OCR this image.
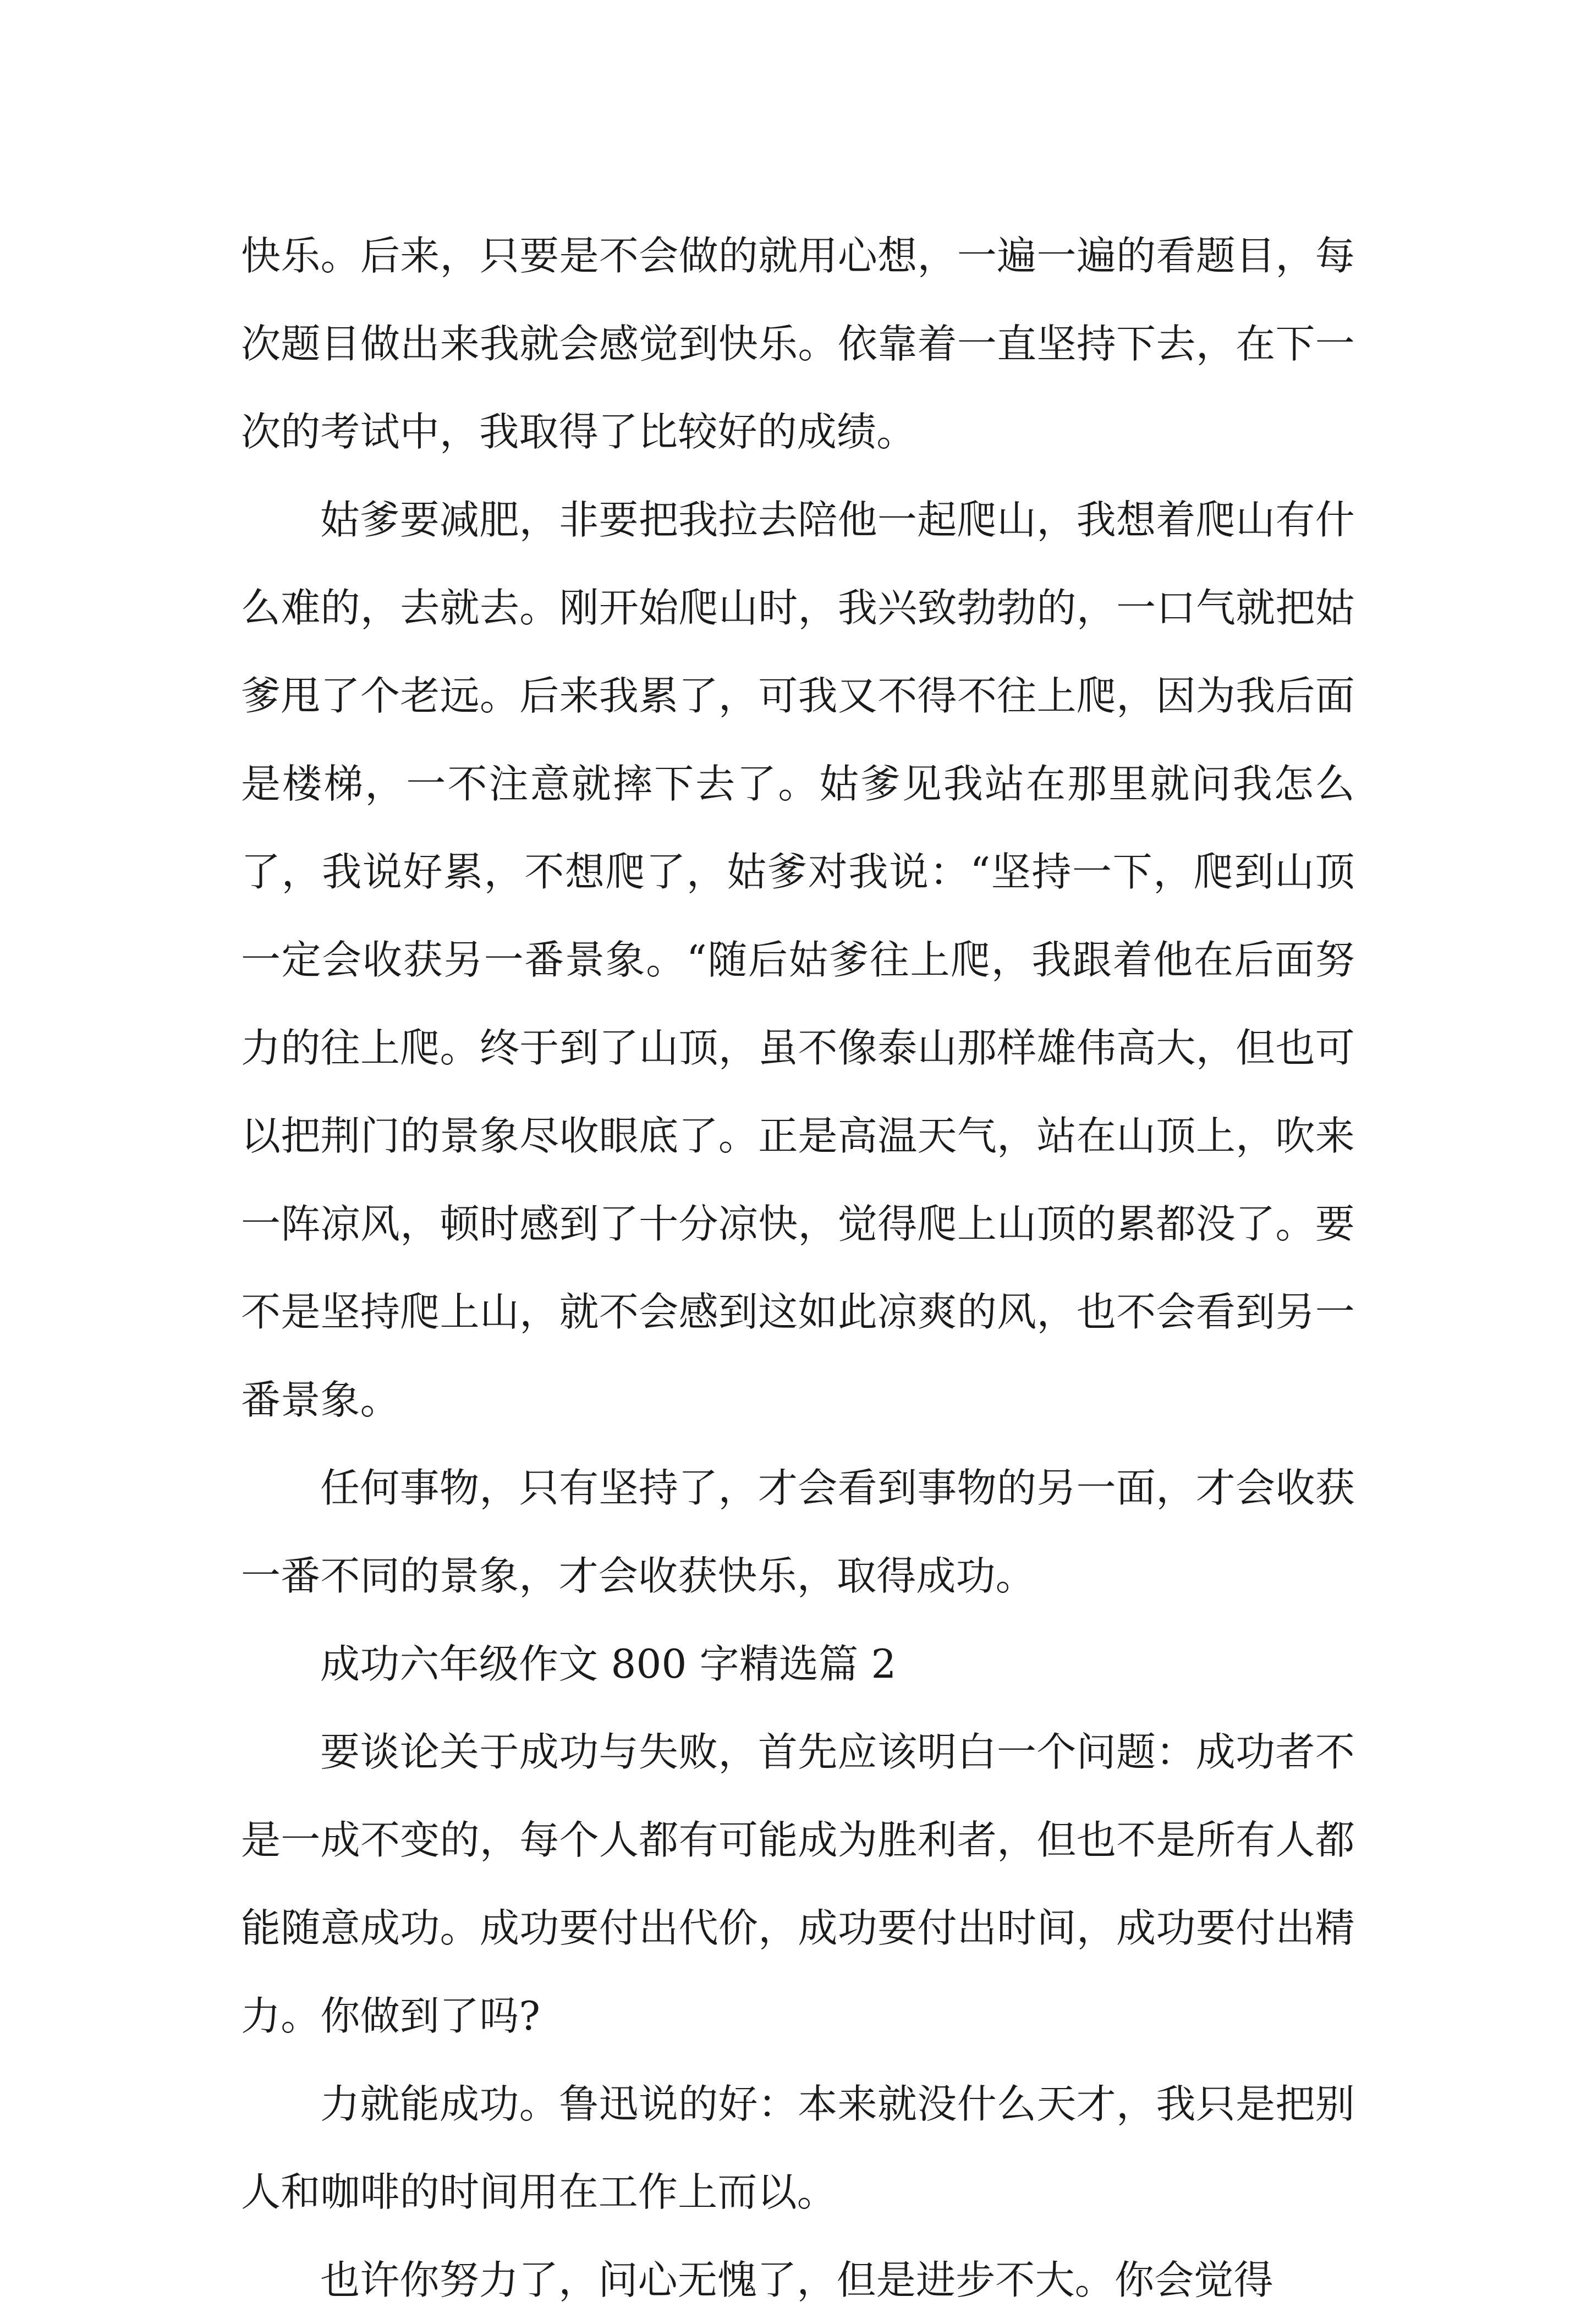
快乐。后来，只要是不会做的就用心想，一遍一遍的看题目，每次题目做出来我就会感觉到快乐。依靠着一直坚持下去，在下一次的考试中，我取得了比较好的成绩。

姑爹要减肥，非要把我拉去陪他一起爬山，我想着爬山有什么难的，去就去。刚开始爬山时，我兴致勃勃的，一口气就把姑爹甩了个老远。后来我累了，可我又不得不往上爬，因为我后面是楼梯，一不注意就摔下去了。姑爹见我站在那里就问我怎么了，我说好累，不想爬了，姑爹对我说：“坚持一下，爬到山顶一定会收获另一番景象。“随后姑爹往上爬，我跟着他在后面努力的往上爬。终于到了山顶，虽不像泰山那样雄伟高大，但也可以把荆门的景象尽收眼底了。正是高温天气，站在山顶上，吹来一阵凉风，顿时感到了十分凉快，觉得爬上山顶的累都没了。要不是坚持爬上山，就不会感到这如此凉爽的风，也不会看到另一番景象。

任何事物，只有坚持了，才会看到事物的另一面，才会收获一番不同的景象，才会收获快乐，取得成功。

成功六年级作文 800 字精选篇 2

要谈论关于成功与失败，首先应该明白一个问题：成功者不是一成不变的，每个人都有可能成为胜利者，但也不是所有人都能随意成功。成功要付出代价，成功要付出时间，成功要付出精力。你做到了吗?

力就能成功。鲁迅说的好：本来就没什么天才，我只是把别人和咖啡的时间用在工作上而以。

也许你努力了，问心无愧了，但是进步不大。你会觉得
